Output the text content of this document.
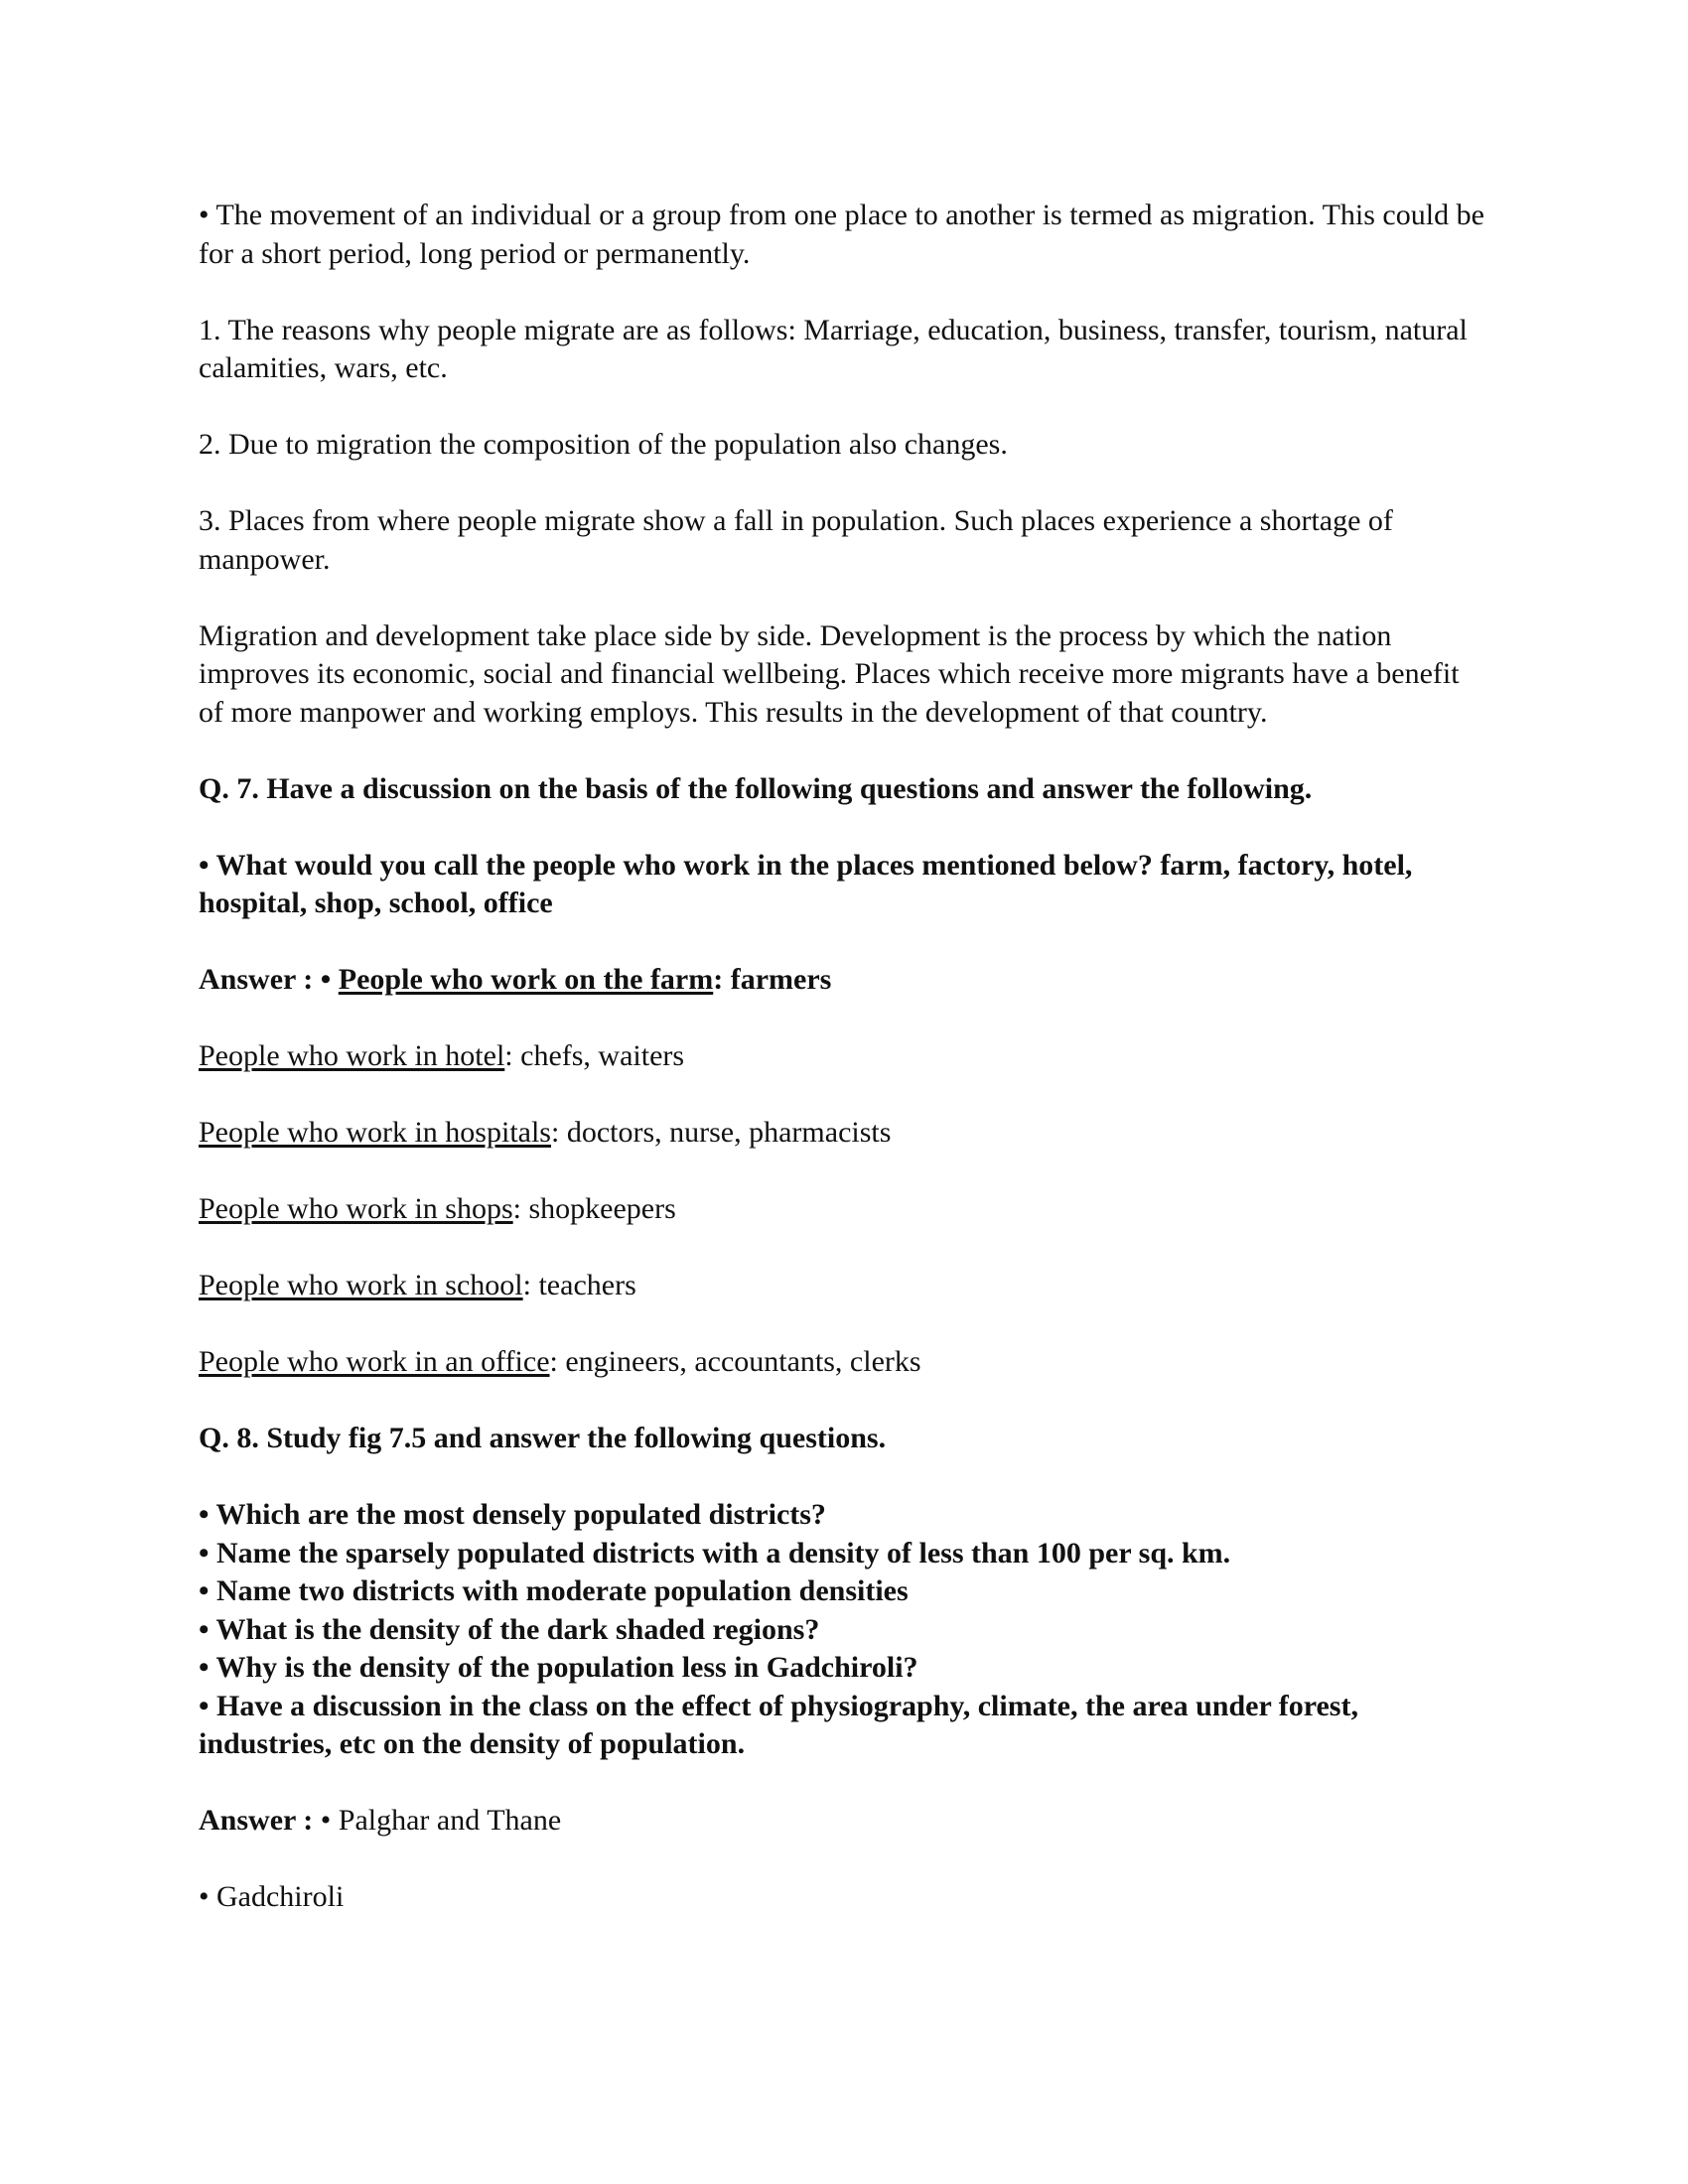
• The movement of an individual or a group from one place to another is termed as migration. This could be for a short period, long period or permanently.

1. The reasons why people migrate are as follows: Marriage, education, business, transfer, tourism, natural calamities, wars, etc.

2. Due to migration the composition of the population also changes.

3. Places from where people migrate show a fall in population. Such places experience a shortage of manpower.

Migration and development take place side by side. Development is the process by which the nation improves its economic, social and financial wellbeing. Places which receive more migrants have a benefit of more manpower and working employs. This results in the development of that country.

Q. 7. Have a discussion on the basis of the following questions and answer the following.

• What would you call the people who work in the places mentioned below? farm, factory, hotel, hospital, shop, school, office

Answer : • People who work on the farm: farmers

People who work in hotel: chefs, waiters

People who work in hospitals: doctors, nurse, pharmacists

People who work in shops: shopkeepers

People who work in school: teachers

People who work in an office: engineers, accountants, clerks

Q. 8. Study fig 7.5 and answer the following questions.

• Which are the most densely populated districts?
• Name the sparsely populated districts with a density of less than 100 per sq. km.
• Name two districts with moderate population densities
• What is the density of the dark shaded regions?
• Why is the density of the population less in Gadchiroli?
• Have a discussion in the class on the effect of physiography, climate, the area under forest, industries, etc on the density of population.

Answer : • Palghar and Thane

• Gadchiroli
